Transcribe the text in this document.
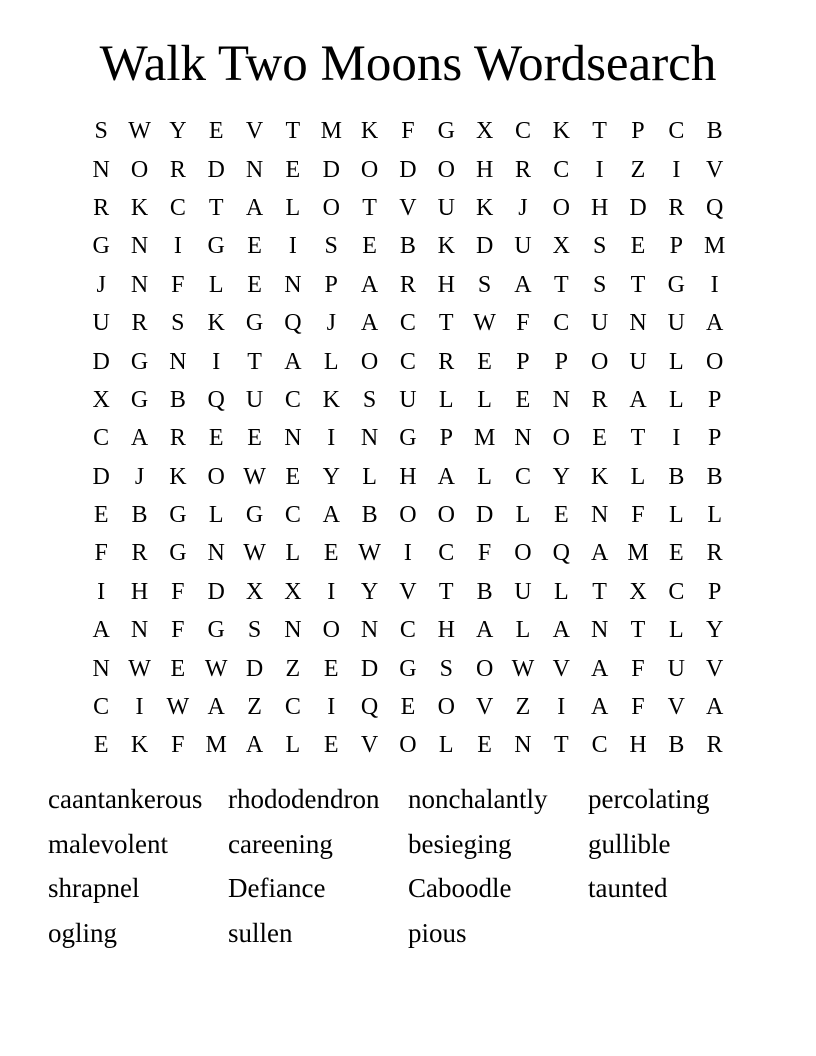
Walk Two Moons Wordsearch
S W Y E V T M K F G X C K T	P C B
N O R D N E D O D O H R C	I	Z	I	V
R K C T A L O T V U K	J	O H D R Q
G N	I	G E	I	S	E B K D U X S	E	P M
J	N F	L E N P A R H S A T	S	T G	I
U R S K G Q	J	A C T W F C U N U A
D G N	I	T A L O C R E	P	P O U L O
X G B Q U C K S U L L E N R A L	P
C A R E E N	I	N G P M N O E T	I	P
D	J	K O W E Y L H A L C Y K L B B
E B G L G C A B O O D L E N F	L L
F R G N W L E W I	C F O Q A M E R
I	H F D X X	I	Y V T B U L T X C P
A N F G S N O N C H A L A N T L Y
N W E W D Z E D G S O W V A F U V
C	I W A Z C	I	Q E O V Z	I	A F V A
E K F M A L E V O L E N T C H B R
caantankerous rhododendron	nonchalantly	percolating
malevolent	careening	besieging	gullible
shrapnel	Defiance	Caboodle	taunted
ogling	sullen	pious
